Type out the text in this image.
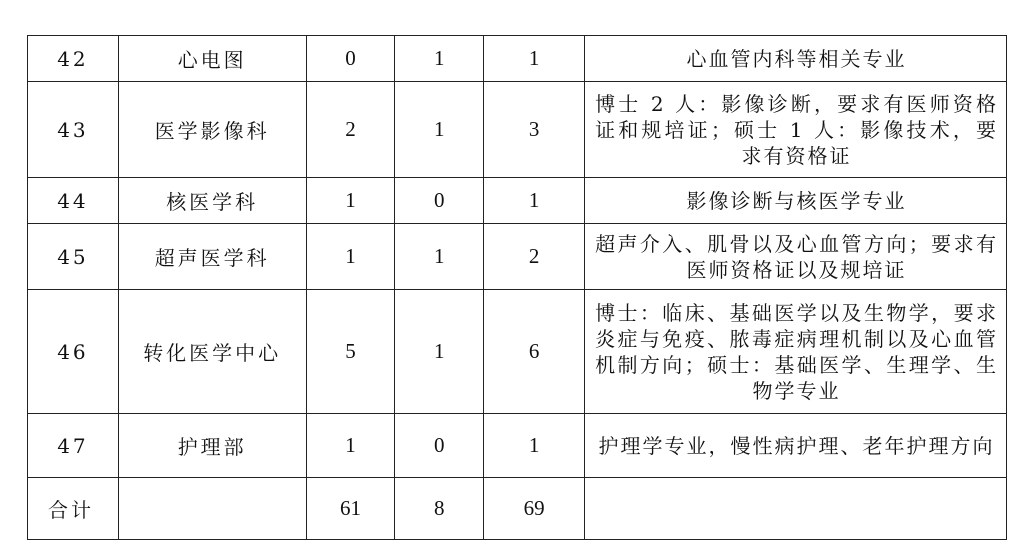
42	心电图	0	1	1	心血管内科等相关专业
43	医学影像科	2	1	3	博士 2 人：影像诊断，要求有医师资格证和规培证；硕士 1 人：影像技术，要求有资格证
44	核医学科	1	0	1	影像诊断与核医学专业
45	超声医学科	1	1	2	超声介入、肌骨以及心血管方向；要求有医师资格证以及规培证
46	转化医学中心	5	1	6	博士：临床、基础医学以及生物学，要求炎症与免疫、脓毒症病理机制以及心血管机制方向；硕士：基础医学、生理学、生物学专业
47	护理部	1	0	1	护理学专业，慢性病护理、老年护理方向
合计		61	8	69	
